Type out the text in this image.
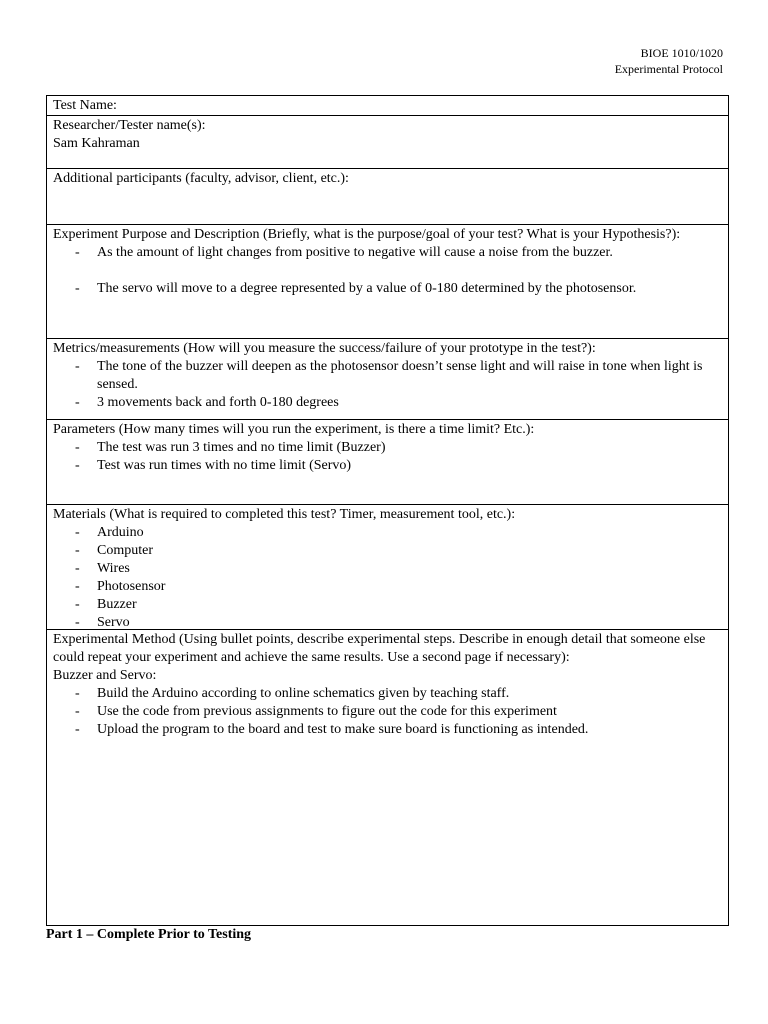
BIOE 1010/1020
Experimental Protocol
Test Name:
Researcher/Tester name(s):
Sam Kahraman
Additional participants (faculty, advisor, client, etc.):
Experiment Purpose and Description (Briefly, what is the purpose/goal of your test? What is your Hypothesis?):
- As the amount of light changes from positive to negative will cause a noise from the buzzer.
- The servo will move to a degree represented by a value of 0-180 determined by the photosensor.
Metrics/measurements (How will you measure the success/failure of your prototype in the test?):
- The tone of the buzzer will deepen as the photosensor doesn’t sense light and will raise in tone when light is sensed.
- 3 movements back and forth 0-180 degrees
Parameters (How many times will you run the experiment, is there a time limit? Etc.):
- The test was run 3 times and no time limit (Buzzer)
- Test was run times with no time limit (Servo)
Materials (What is required to completed this test? Timer, measurement tool, etc.):
- Arduino
- Computer
- Wires
- Photosensor
- Buzzer
- Servo
Experimental Method (Using bullet points, describe experimental steps. Describe in enough detail that someone else could repeat your experiment and achieve the same results. Use a second page if necessary):
Buzzer and Servo:
- Build the Arduino according to online schematics given by teaching staff.
- Use the code from previous assignments to figure out the code for this experiment
- Upload the program to the board and test to make sure board is functioning as intended.
Part 1 – Complete Prior to Testing
